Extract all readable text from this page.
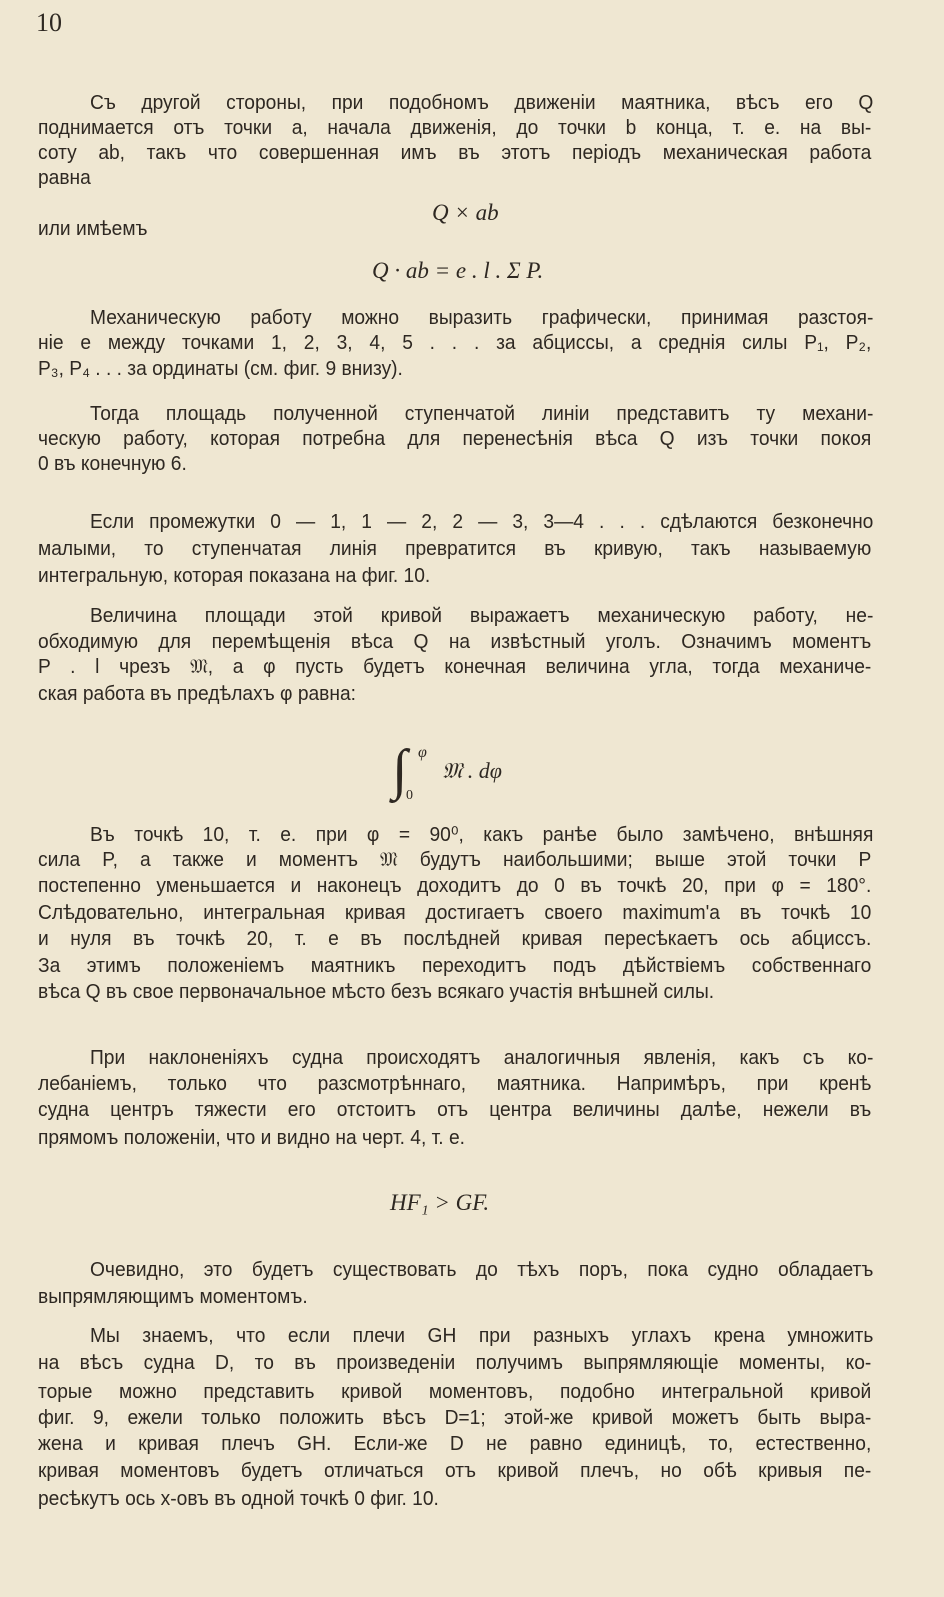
10
Q × ab
Q · ab = e . l . Σ P.
∫ φ
0
𝔐 . dφ
HF₁ > GF.
Съ другой стороны, при подобномъ движенiи маятника, вѣсъ его Q
поднимается отъ точки a, начала движенiя, до точки b конца, т. е. на вы-
соту ab, такъ что совершенная имъ въ этотъ перiодъ механическая работа
равна
или имѣемъ
Механическую работу можно выразить графически, принимая разстоя-
нiе e между точками 1, 2, 3, 4, 5 . . . за абциссы, а среднiя силы P₁, P₂,
P₃, P₄ . . . за ординаты (см. фиг. 9 внизу).
Тогда площадь полученной ступенчатой линiи представитъ ту механи-
ческую работу, которая потребна для перенесѣнiя вѣса Q изъ точки покоя
0 въ конечную 6.
Если промежутки 0 — 1, 1 — 2, 2 — 3, 3—4 . . . сдѣлаются безконечно
малыми, то ступенчатая линiя превратится въ кривую, такъ называемую
интегральную, которая показана на фиг. 10.
Величина площади этой кривой выражаетъ механическую работу, не-
обходимую для перемѣщенiя вѣса Q на извѣстный уголъ. Означимъ моментъ
P . l чрезъ 𝔐, а φ пусть будетъ конечная величина угла, тогда механиче-
ская работа въ предѣлахъ φ равна:
Въ точкѣ 10, т. е. при φ = 90⁰, какъ ранѣе было замѣчено, внѣшняя
сила P, а также и моментъ 𝔐 будутъ наибольшими; выше этой точки P
постепенно уменьшается и наконецъ доходитъ до 0 въ точкѣ 20, при φ = 180°.
Слѣдовательно, интегральная кривая достигаетъ своего maximum'a въ точкѣ 10
и нуля въ точкѣ 20, т. е въ послѣдней кривая пересѣкаетъ ось абциссъ.
За этимъ положенiемъ маятникъ переходитъ подъ дѣйствiемъ собственнаго
вѣса Q въ свое первоначальное мѣсто безъ всякаго участiя внѣшней силы.
При наклоненiяхъ судна происходятъ аналогичныя явленiя, какъ съ ко-
лебанiемъ, только что разсмотрѣннаго, маятника. Напримѣръ, при кренѣ
судна центръ тяжести его отстоитъ отъ центра величины далѣе, нежели въ
прямомъ положенiи, что и видно на черт. 4, т. е.
Очевидно, это будетъ существовать до тѣхъ поръ, пока судно обладаетъ
выпрямляющимъ моментомъ.
Мы знаемъ, что если плечи GH при разныхъ углахъ крена умножить
на вѣсъ судна D, то въ произведенiи получимъ выпрямляющiе моменты, ко-
торые можно представить кривой моментовъ, подобно интегральной кривой
фиг. 9, ежели только положить вѣсъ D=1; этой-же кривой можетъ быть выра-
жена и кривая плечъ GH. Если-же D не равно единицѣ, то, естественно,
кривая моментовъ будетъ отличаться отъ кривой плечъ, но обѣ кривыя пе-
ресѣкутъ ось x-овъ въ одной точкѣ 0 фиг. 10.
